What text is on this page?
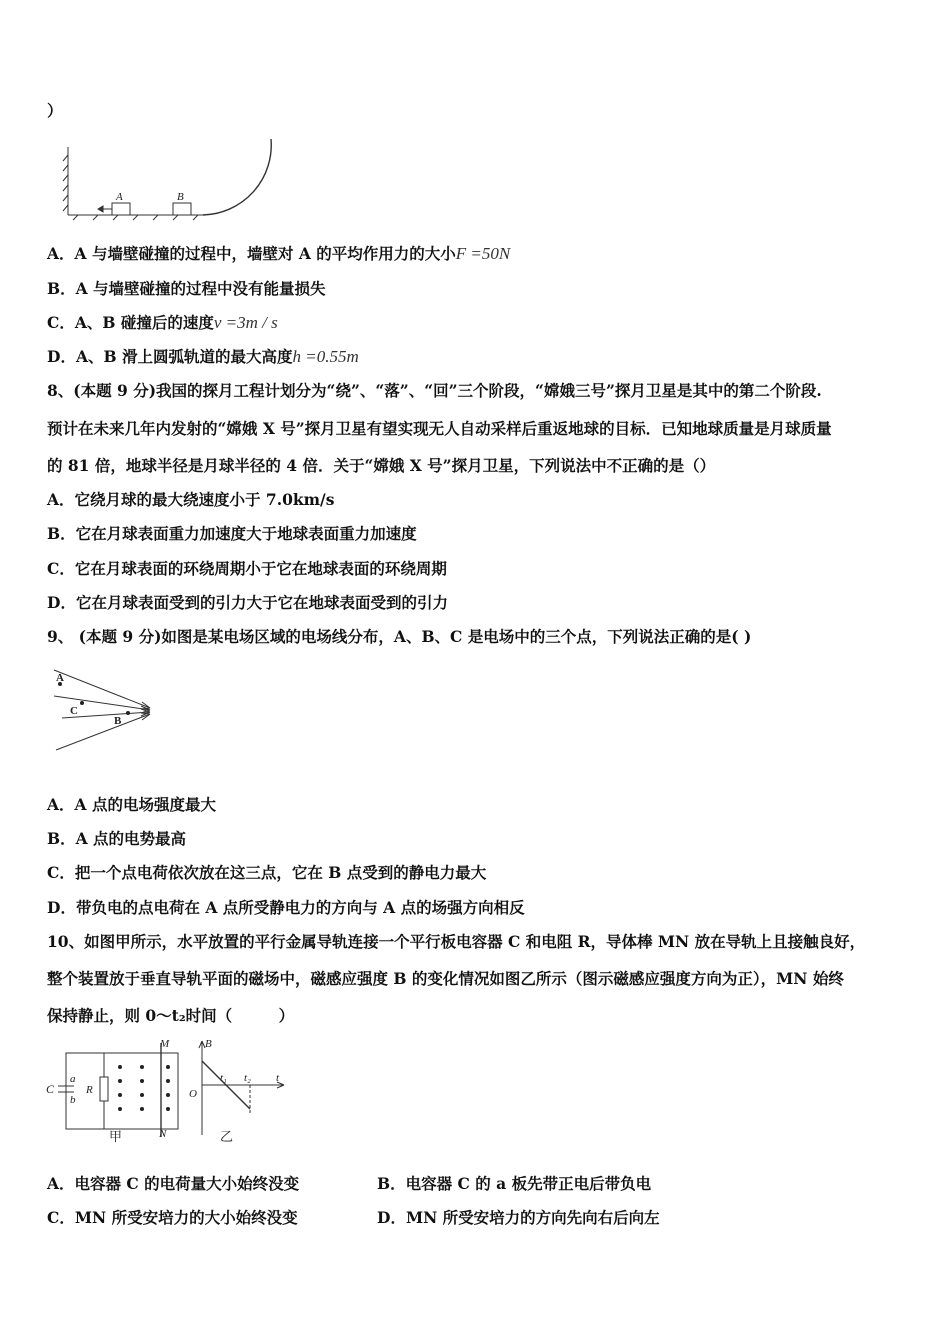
）
A	B
A．A 与墙壁碰撞的过程中，墙壁对 A 的平均作用力的大小F =50N
B．A 与墙壁碰撞的过程中没有能量损失
C．A、B 碰撞后的速度v =3m / s
D．A、B 滑上圆弧轨道的最大高度h =0.55m
8、(本题 9 分)我国的探月工程计划分为“绕”、“落”、“回”三个阶段，“嫦娥三号”探月卫星是其中的第二个阶段.
预计在未来几年内发射的“嫦娥 X 号”探月卫星有望实现无人自动采样后重返地球的目标．已知地球质量是月球质量
的 81 倍，地球半径是月球半径的 4 倍．关于“嫦娥 X 号”探月卫星，下列说法中不正确的是（）
A．它绕月球的最大绕速度小于 7.0km/s
B．它在月球表面重力加速度大于地球表面重力加速度
C．它在月球表面的环绕周期小于它在地球表面的环绕周期
D．它在月球表面受到的引力大于它在地球表面受到的引力
9、 (本题 9 分)如图是某电场区域的电场线分布，A、B、C 是电场中的三个点，下列说法正确的是( )
A
C
B
A．A 点的电场强度最大
B．A 点的电势最高
C．把一个点电荷依次放在这三点，它在 B 点受到的静电力最大
D．带负电的点电荷在 A 点所受静电力的方向与 A 点的场强方向相反
10、如图甲所示，水平放置的平行金属导轨连接一个平行板电容器 C 和电阻 R，导体棒 MN 放在导轨上且接触良好，
整个装置放于垂直导轨平面的磁场中，磁感应强度 B 的变化情况如图乙所示（图示磁感应强度方向为正），MN 始终
保持静止，则 0～t₂时间（　　　）
C
a
b
R
M
N
甲
B
O
t₁ t₂ t
乙
A．电容器 C 的电荷量大小始终没变	B．电容器 C 的 a 板先带正电后带负电
C．MN 所受安培力的大小始终没变	D．MN 所受安培力的方向先向右后向左
